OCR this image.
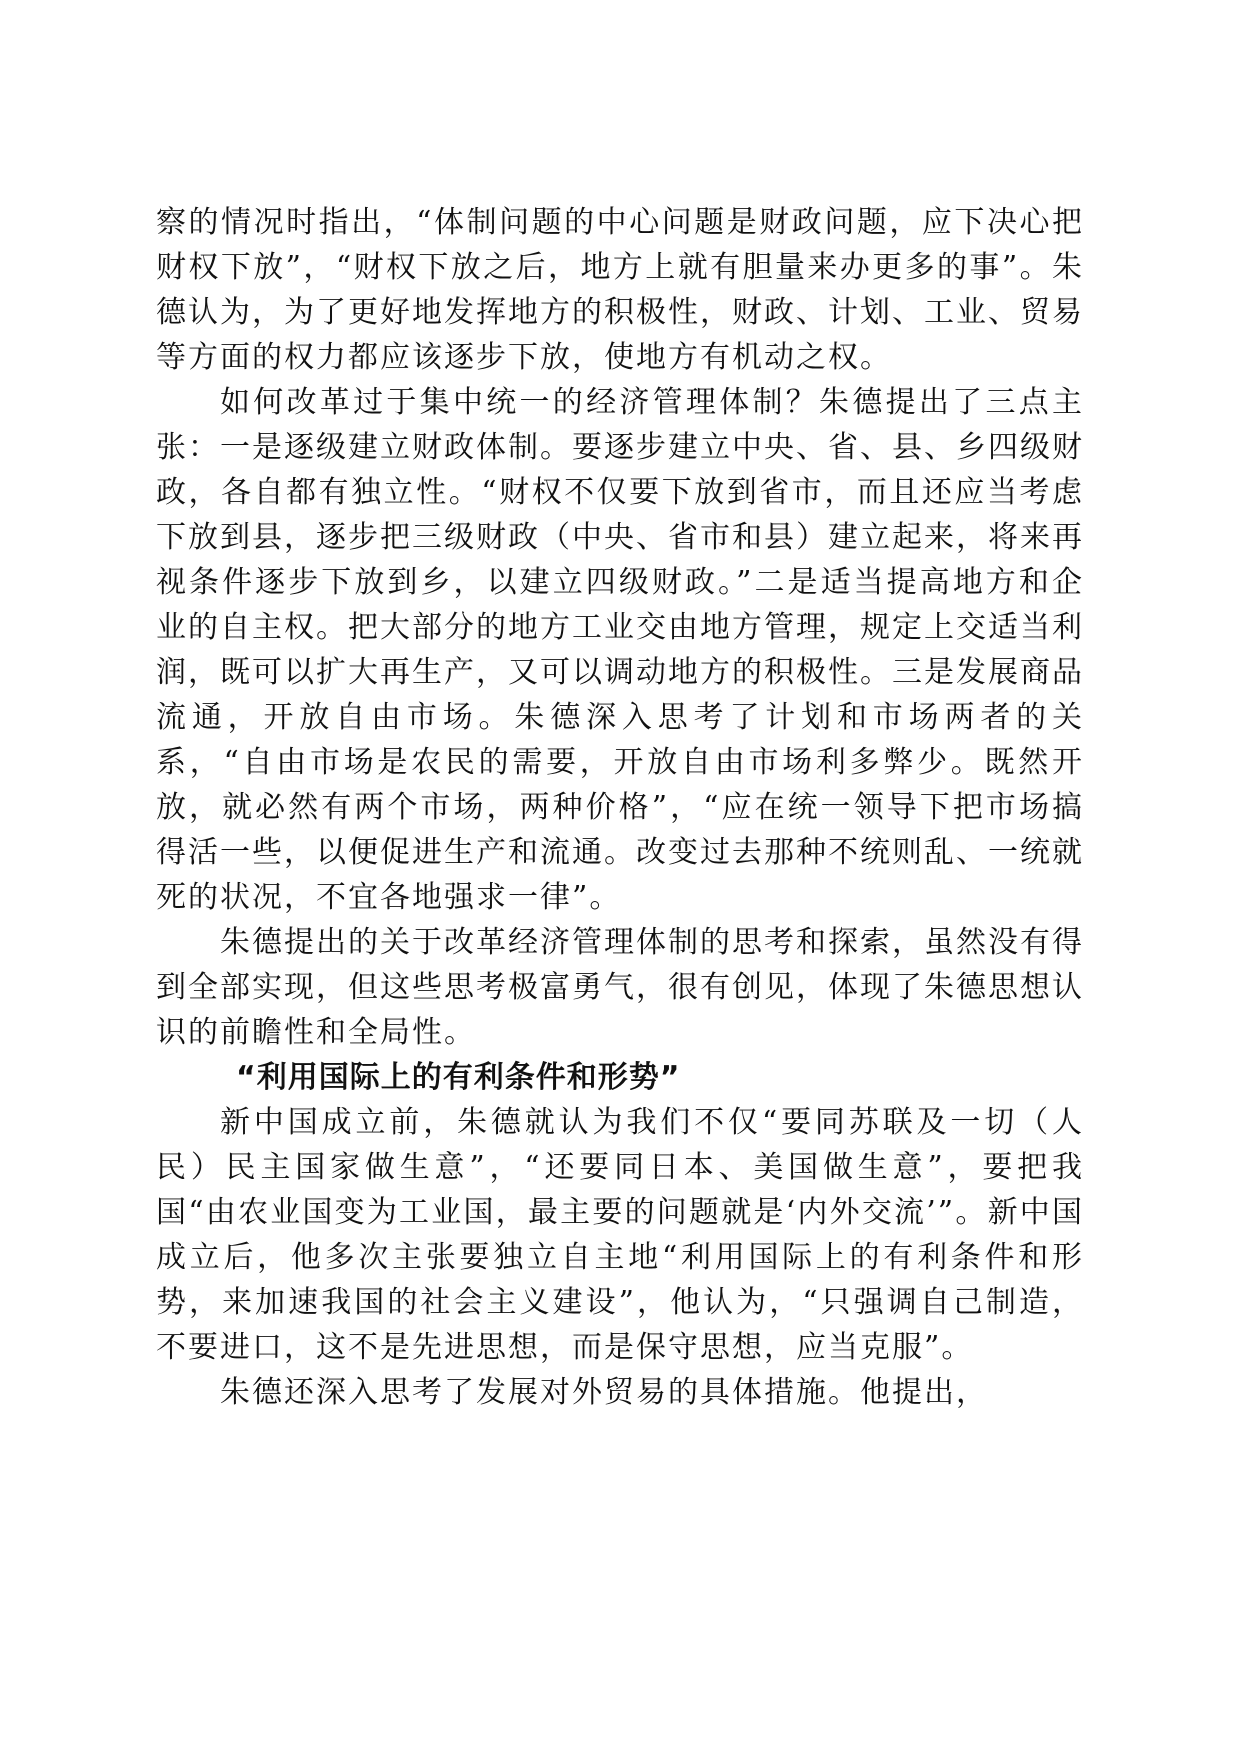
察的情况时指出，“体制问题的中心问题是财政问题，应下决心把财权下放”，“财权下放之后，地方上就有胆量来办更多的事”。朱德认为，为了更好地发挥地方的积极性，财政、计划、工业、贸易等方面的权力都应该逐步下放，使地方有机动之权。

如何改革过于集中统一的经济管理体制？朱德提出了三点主张：一是逐级建立财政体制。要逐步建立中央、省、县、乡四级财政，各自都有独立性。“财权不仅要下放到省市，而且还应当考虑下放到县，逐步把三级财政（中央、省市和县）建立起来，将来再视条件逐步下放到乡，以建立四级财政。”二是适当提高地方和企业的自主权。把大部分的地方工业交由地方管理，规定上交适当利润，既可以扩大再生产，又可以调动地方的积极性。三是发展商品流通，开放自由市场。朱德深入思考了计划和市场两者的关系，“自由市场是农民的需要，开放自由市场利多弊少。既然开放，就必然有两个市场，两种价格”，“应在统一领导下把市场搞得活一些，以便促进生产和流通。改变过去那种不统则乱、一统就死的状况，不宜各地强求一律”。

朱德提出的关于改革经济管理体制的思考和探索，虽然没有得到全部实现，但这些思考极富勇气，很有创见，体现了朱德思想认识的前瞻性和全局性。

“利用国际上的有利条件和形势”

新中国成立前，朱德就认为我们不仅“要同苏联及一切（人民）民主国家做生意”，“还要同日本、美国做生意”，要把我国“由农业国变为工业国，最主要的问题就是‘内外交流’”。新中国成立后，他多次主张要独立自主地“利用国际上的有利条件和形势，来加速我国的社会主义建设”，他认为，“只强调自己制造，不要进口，这不是先进思想，而是保守思想，应当克服”。

朱德还深入思考了发展对外贸易的具体措施。他提出，
